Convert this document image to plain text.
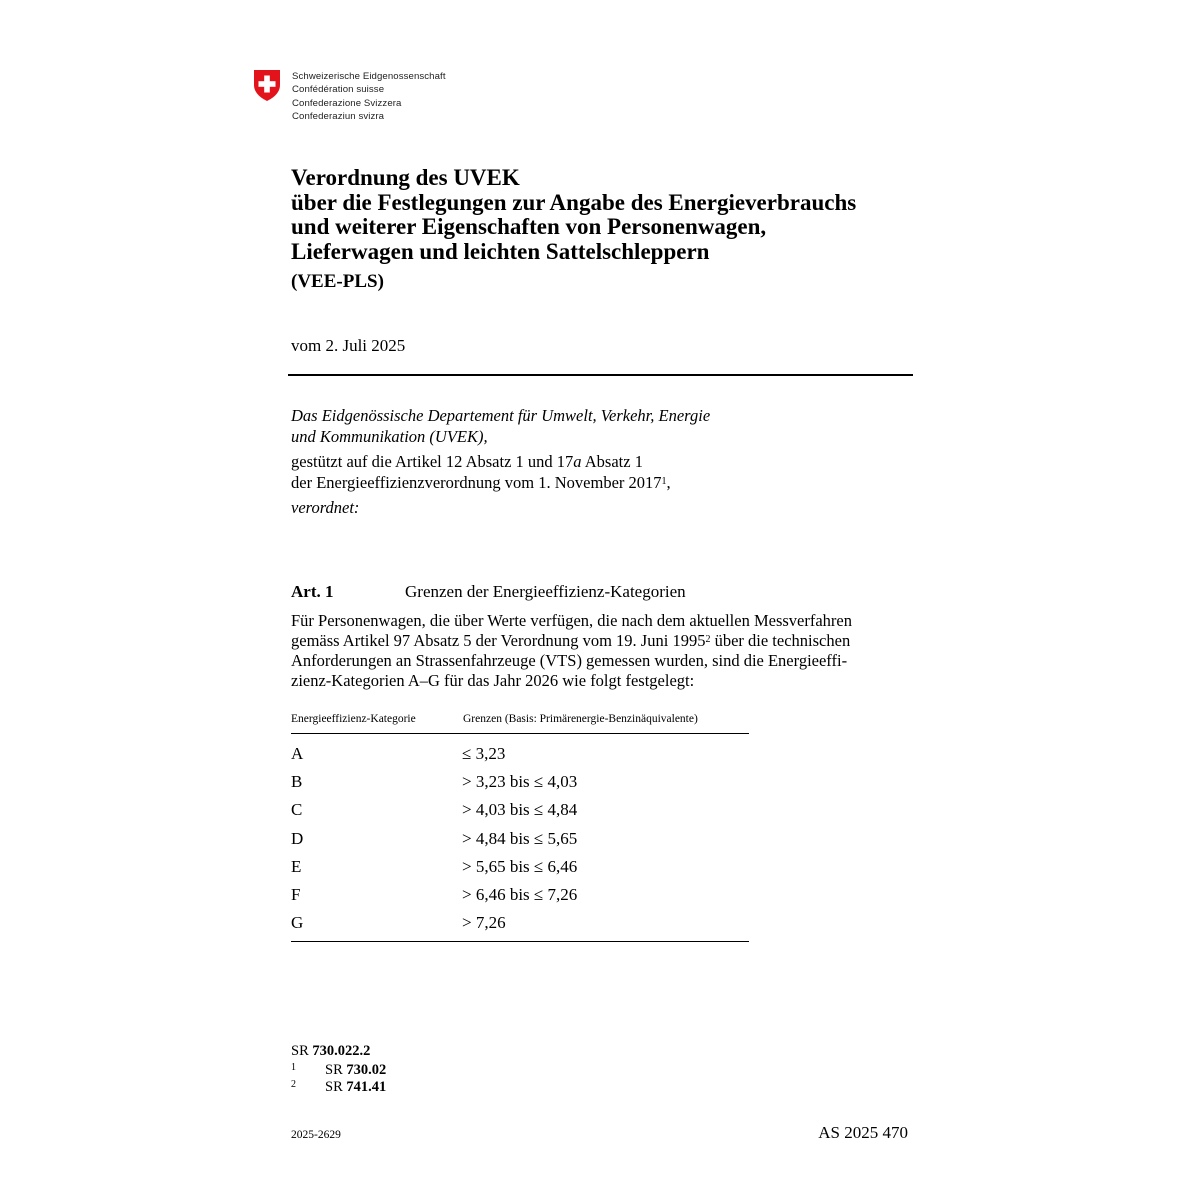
Schweizerische Eidgenossenschaft
Confédération suisse
Confederazione Svizzera
Confederaziun svizra
Verordnung des UVEK
über die Festlegungen zur Angabe des Energieverbrauchs
und weiterer Eigenschaften von Personenwagen,
Lieferwagen und leichten Sattelschleppern
(VEE-PLS)
vom 2. Juli 2025
Das Eidgenössische Departement für Umwelt, Verkehr, Energie
und Kommunikation (UVEK),
gestützt auf die Artikel 12 Absatz 1 und 17a Absatz 1
der Energieeffizienzverordnung vom 1. November 2017$^1$,
verordnet:
Art. 1	Grenzen der Energieeffizienz-Kategorien
Für Personenwagen, die über Werte verfügen, die nach dem aktuellen Messverfahren
gemäss Artikel 97 Absatz 5 der Verordnung vom 19. Juni 1995$^2$ über die technischen
Anforderungen an Strassenfahrzeuge (VTS) gemessen wurden, sind die Energieeffi-
zienz-Kategorien A–G für das Jahr 2026 wie folgt festgelegt:
Energieeffizienz-Kategorie	Grenzen (Basis: Primärenergie-Benzinäquivalente)
A	≤ 3,23
B	> 3,23 bis ≤ 4,03
C	> 4,03 bis ≤ 4,84
D	> 4,84 bis ≤ 5,65
E	> 5,65 bis ≤ 6,46
F	> 6,46 bis ≤ 7,26
G	> 7,26
SR 730.022.2
1 SR 730.02
2 SR 741.41
2025-2629	AS 2025 470
